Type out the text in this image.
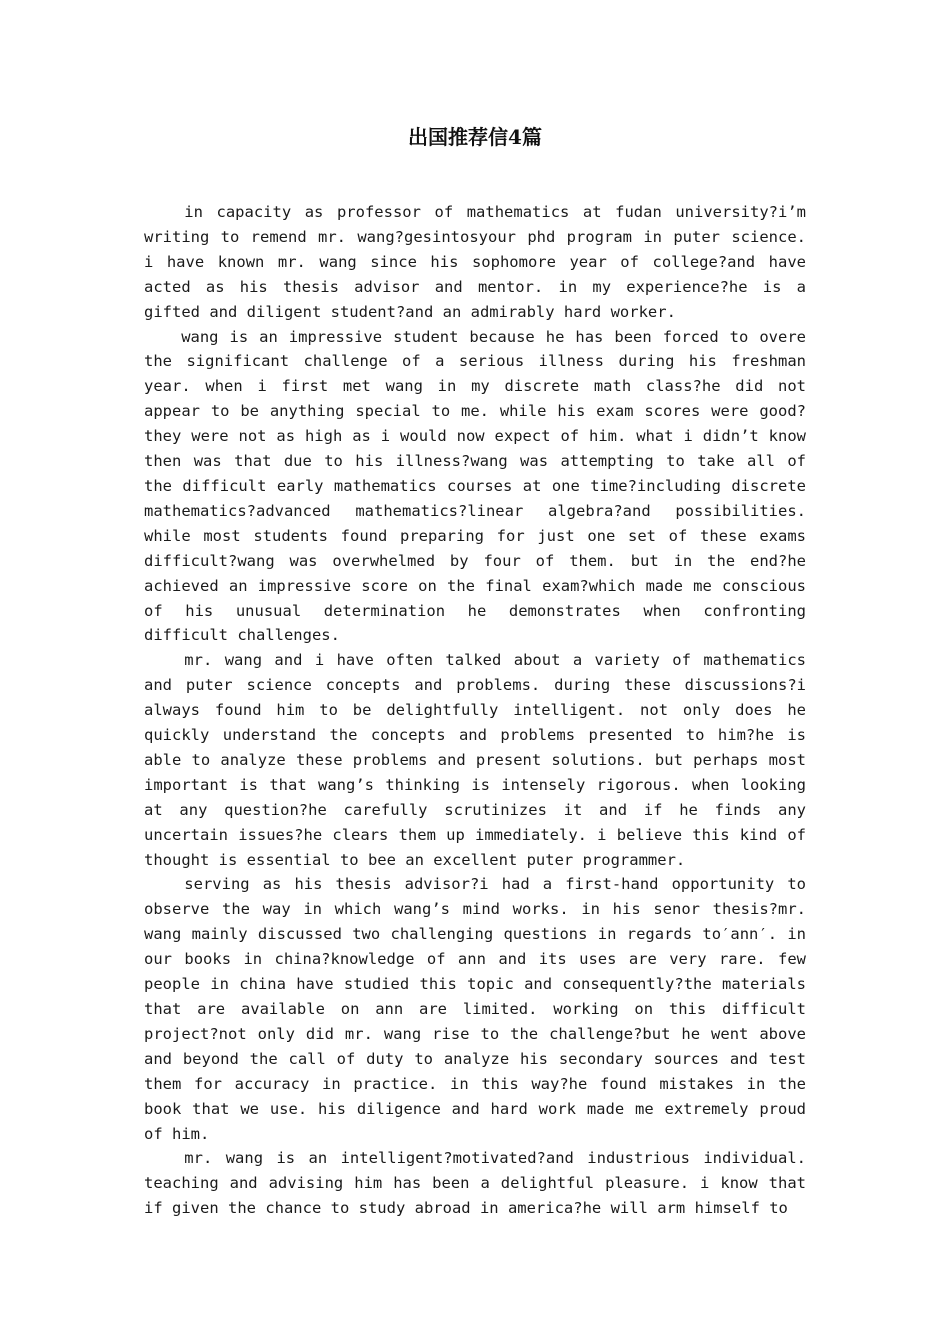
出国推荐信4篇

in capacity as professor of mathematics at fudan university?i’m writing to remend mr. wang?gesintosyour phd program in puter science. i have known mr. wang since his sophomore year of college?and have acted as his thesis advisor and mentor. in my experience?he is a gifted and diligent student?and an admirably hard worker.

wang is an impressive student because he has been forced to overe the significant challenge of a serious illness during his freshman year. when i first met wang in my discrete math class?he did not appear to be anything special to me. while his exam scores were good?they were not as high as i would now expect of him. what i didn’t know then was that due to his illness?wang was attempting to take all of the difficult early mathematics courses at one time?including discrete mathematics?advanced mathematics?linear algebra?and possibilities. while most students found preparing for just one set of these exams difficult?wang was overwhelmed by four of them. but in the end?he achieved an impressive score on the final exam?which made me conscious of his unusual determination he demonstrates when confronting difficult challenges.

mr. wang and i have often talked about a variety of mathematics and puter science concepts and problems. during these discussions?i always found him to be delightfully intelligent. not only does he quickly understand the concepts and problems presented to him?he is able to analyze these problems and present solutions. but perhaps most important is that wang’s thinking is intensely rigorous. when looking at any question?he carefully scrutinizes it and if he finds any uncertain issues?he clears them up immediately. i believe this kind of thought is essential to bee an excellent puter programmer.

serving as his thesis advisor?i had a first-hand opportunity to observe the way in which wang’s mind works. in his senor thesis?mr. wang mainly discussed two challenging questions in regards to′ann′. in our books in china?knowledge of ann and its uses are very rare. few people in china have studied this topic and consequently?the materials that are available on ann are limited. working on this difficult project?not only did mr. wang rise to the challenge?but he went above and beyond the call of duty to analyze his secondary sources and test them for accuracy in practice. in this way?he found mistakes in the book that we use. his diligence and hard work made me extremely proud of him.

mr. wang is an intelligent?motivated?and industrious individual. teaching and advising him has been a delightful pleasure. i know that if given the chance to study abroad in america?he will arm himself to
